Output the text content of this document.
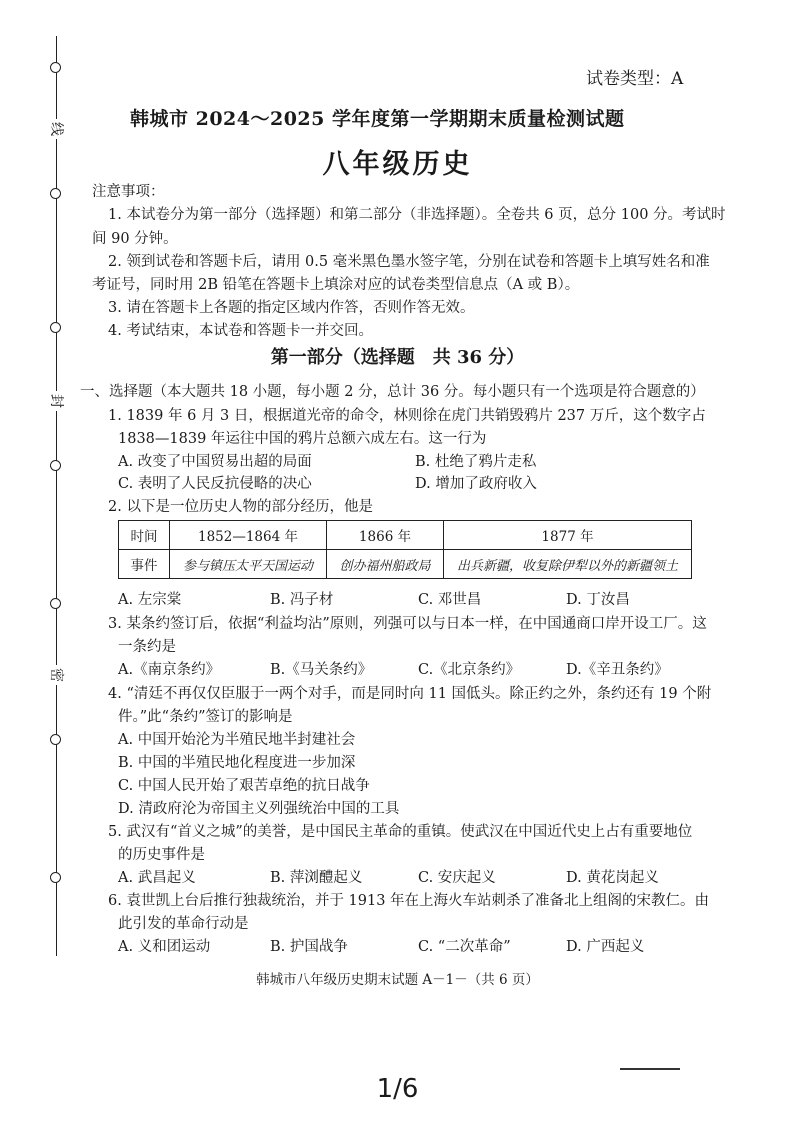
线
封
密
试卷类型：A
韩城市 2024～2025 学年度第一学期期末质量检测试题
八年级历史
注意事项：
1. 本试卷分为第一部分（选择题）和第二部分（非选择题）。全卷共 6 页，总分 100 分。考试时
间 90 分钟。
2. 领到试卷和答题卡后，请用 0.5 毫米黑色墨水签字笔，分别在试卷和答题卡上填写姓名和准
考证号，同时用 2B 铅笔在答题卡上填涂对应的试卷类型信息点（A 或 B）。
3. 请在答题卡上各题的指定区域内作答，否则作答无效。
4. 考试结束，本试卷和答题卡一并交回。
第一部分（选择题　共 36 分）
一、选择题（本大题共 18 小题，每小题 2 分，总计 36 分。每小题只有一个选项是符合题意的）
1. 1839 年 6 月 3 日，根据道光帝的命令，林则徐在虎门共销毁鸦片 237 万斤，这个数字占
1838—1839 年运往中国的鸦片总额六成左右。这一行为
A. 改变了中国贸易出超的局面	B. 杜绝了鸦片走私
C. 表明了人民反抗侵略的决心	D. 增加了政府收入
2. 以下是一位历史人物的部分经历，他是
时间	1852—1864 年	1866 年	1877 年
事件	参与镇压太平天国运动	创办福州船政局	出兵新疆，收复除伊犁以外的新疆领土
A. 左宗棠	B. 冯子材	C. 邓世昌	D. 丁汝昌
3. 某条约签订后，依据“利益均沾”原则，列强可以与日本一样，在中国通商口岸开设工厂。这
一条约是
A.《南京条约》	B.《马关条约》	C.《北京条约》	D.《辛丑条约》
4. “清廷不再仅仅臣服于一两个对手，而是同时向 11 国低头。除正约之外，条约还有 19 个附
件。”此“条约”签订的影响是
A. 中国开始沦为半殖民地半封建社会
B. 中国的半殖民地化程度进一步加深
C. 中国人民开始了艰苦卓绝的抗日战争
D. 清政府沦为帝国主义列强统治中国的工具
5. 武汉有“首义之城”的美誉，是中国民主革命的重镇。使武汉在中国近代史上占有重要地位
的历史事件是
A. 武昌起义	B. 萍浏醴起义	C. 安庆起义	D. 黄花岗起义
6. 袁世凯上台后推行独裁统治，并于 1913 年在上海火车站刺杀了准备北上组阁的宋教仁。由
此引发的革命行动是
A. 义和团运动	B. 护国战争	C. “二次革命”	D. 广西起义
韩城市八年级历史期末试题 A－1－（共 6 页）
1/6
